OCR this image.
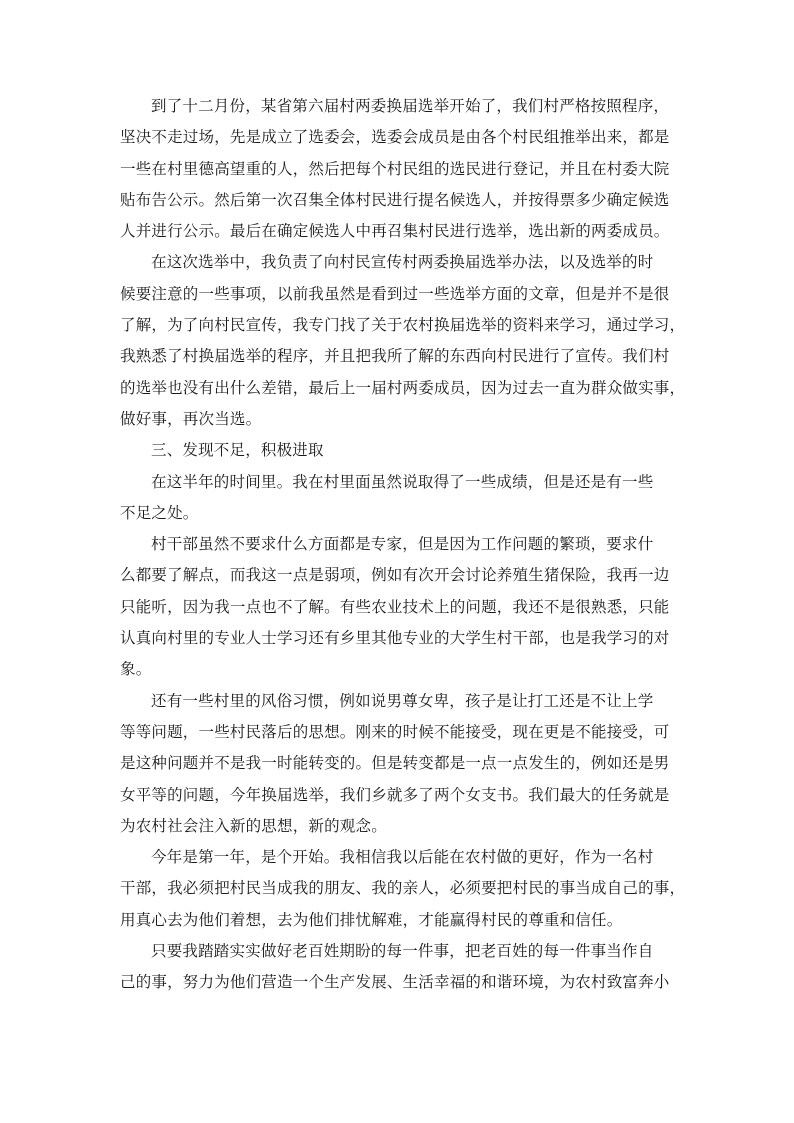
到了十二月份，某省第六届村两委换届选举开始了，我们村严格按照程序，
坚决不走过场，先是成立了选委会，选委会成员是由各个村民组推举出来，都是
一些在村里德高望重的人，然后把每个村民组的选民进行登记，并且在村委大院
贴布告公示。然后第一次召集全体村民进行提名候选人，并按得票多少确定候选
人并进行公示。最后在确定候选人中再召集村民进行选举，选出新的两委成员。
在这次选举中，我负责了向村民宣传村两委换届选举办法，以及选举的时
候要注意的一些事项，以前我虽然是看到过一些选举方面的文章，但是并不是很
了解，为了向村民宣传，我专门找了关于农村换届选举的资料来学习，通过学习，
我熟悉了村换届选举的程序，并且把我所了解的东西向村民进行了宣传。我们村
的选举也没有出什么差错，最后上一届村两委成员，因为过去一直为群众做实事，
做好事，再次当选。
三、发现不足，积极进取
在这半年的时间里。我在村里面虽然说取得了一些成绩，但是还是有一些
不足之处。
村干部虽然不要求什么方面都是专家，但是因为工作问题的繁琐，要求什
么都要了解点，而我这一点是弱项，例如有次开会讨论养殖生猪保险，我再一边
只能听，因为我一点也不了解。有些农业技术上的问题，我还不是很熟悉，只能
认真向村里的专业人士学习还有乡里其他专业的大学生村干部，也是我学习的对
象。
还有一些村里的风俗习惯，例如说男尊女卑，孩子是让打工还是不让上学
等等问题，一些村民落后的思想。刚来的时候不能接受，现在更是不能接受，可
是这种问题并不是我一时能转变的。但是转变都是一点一点发生的，例如还是男
女平等的问题，今年换届选举，我们乡就多了两个女支书。我们最大的任务就是
为农村社会注入新的思想，新的观念。
今年是第一年，是个开始。我相信我以后能在农村做的更好，作为一名村
干部，我必须把村民当成我的朋友、我的亲人，必须要把村民的事当成自己的事，
用真心去为他们着想，去为他们排忧解难，才能赢得村民的尊重和信任。
只要我踏踏实实做好老百姓期盼的每一件事，把老百姓的每一件事当作自
己的事，努力为他们营造一个生产发展、生活幸福的和谐环境，为农村致富奔小
